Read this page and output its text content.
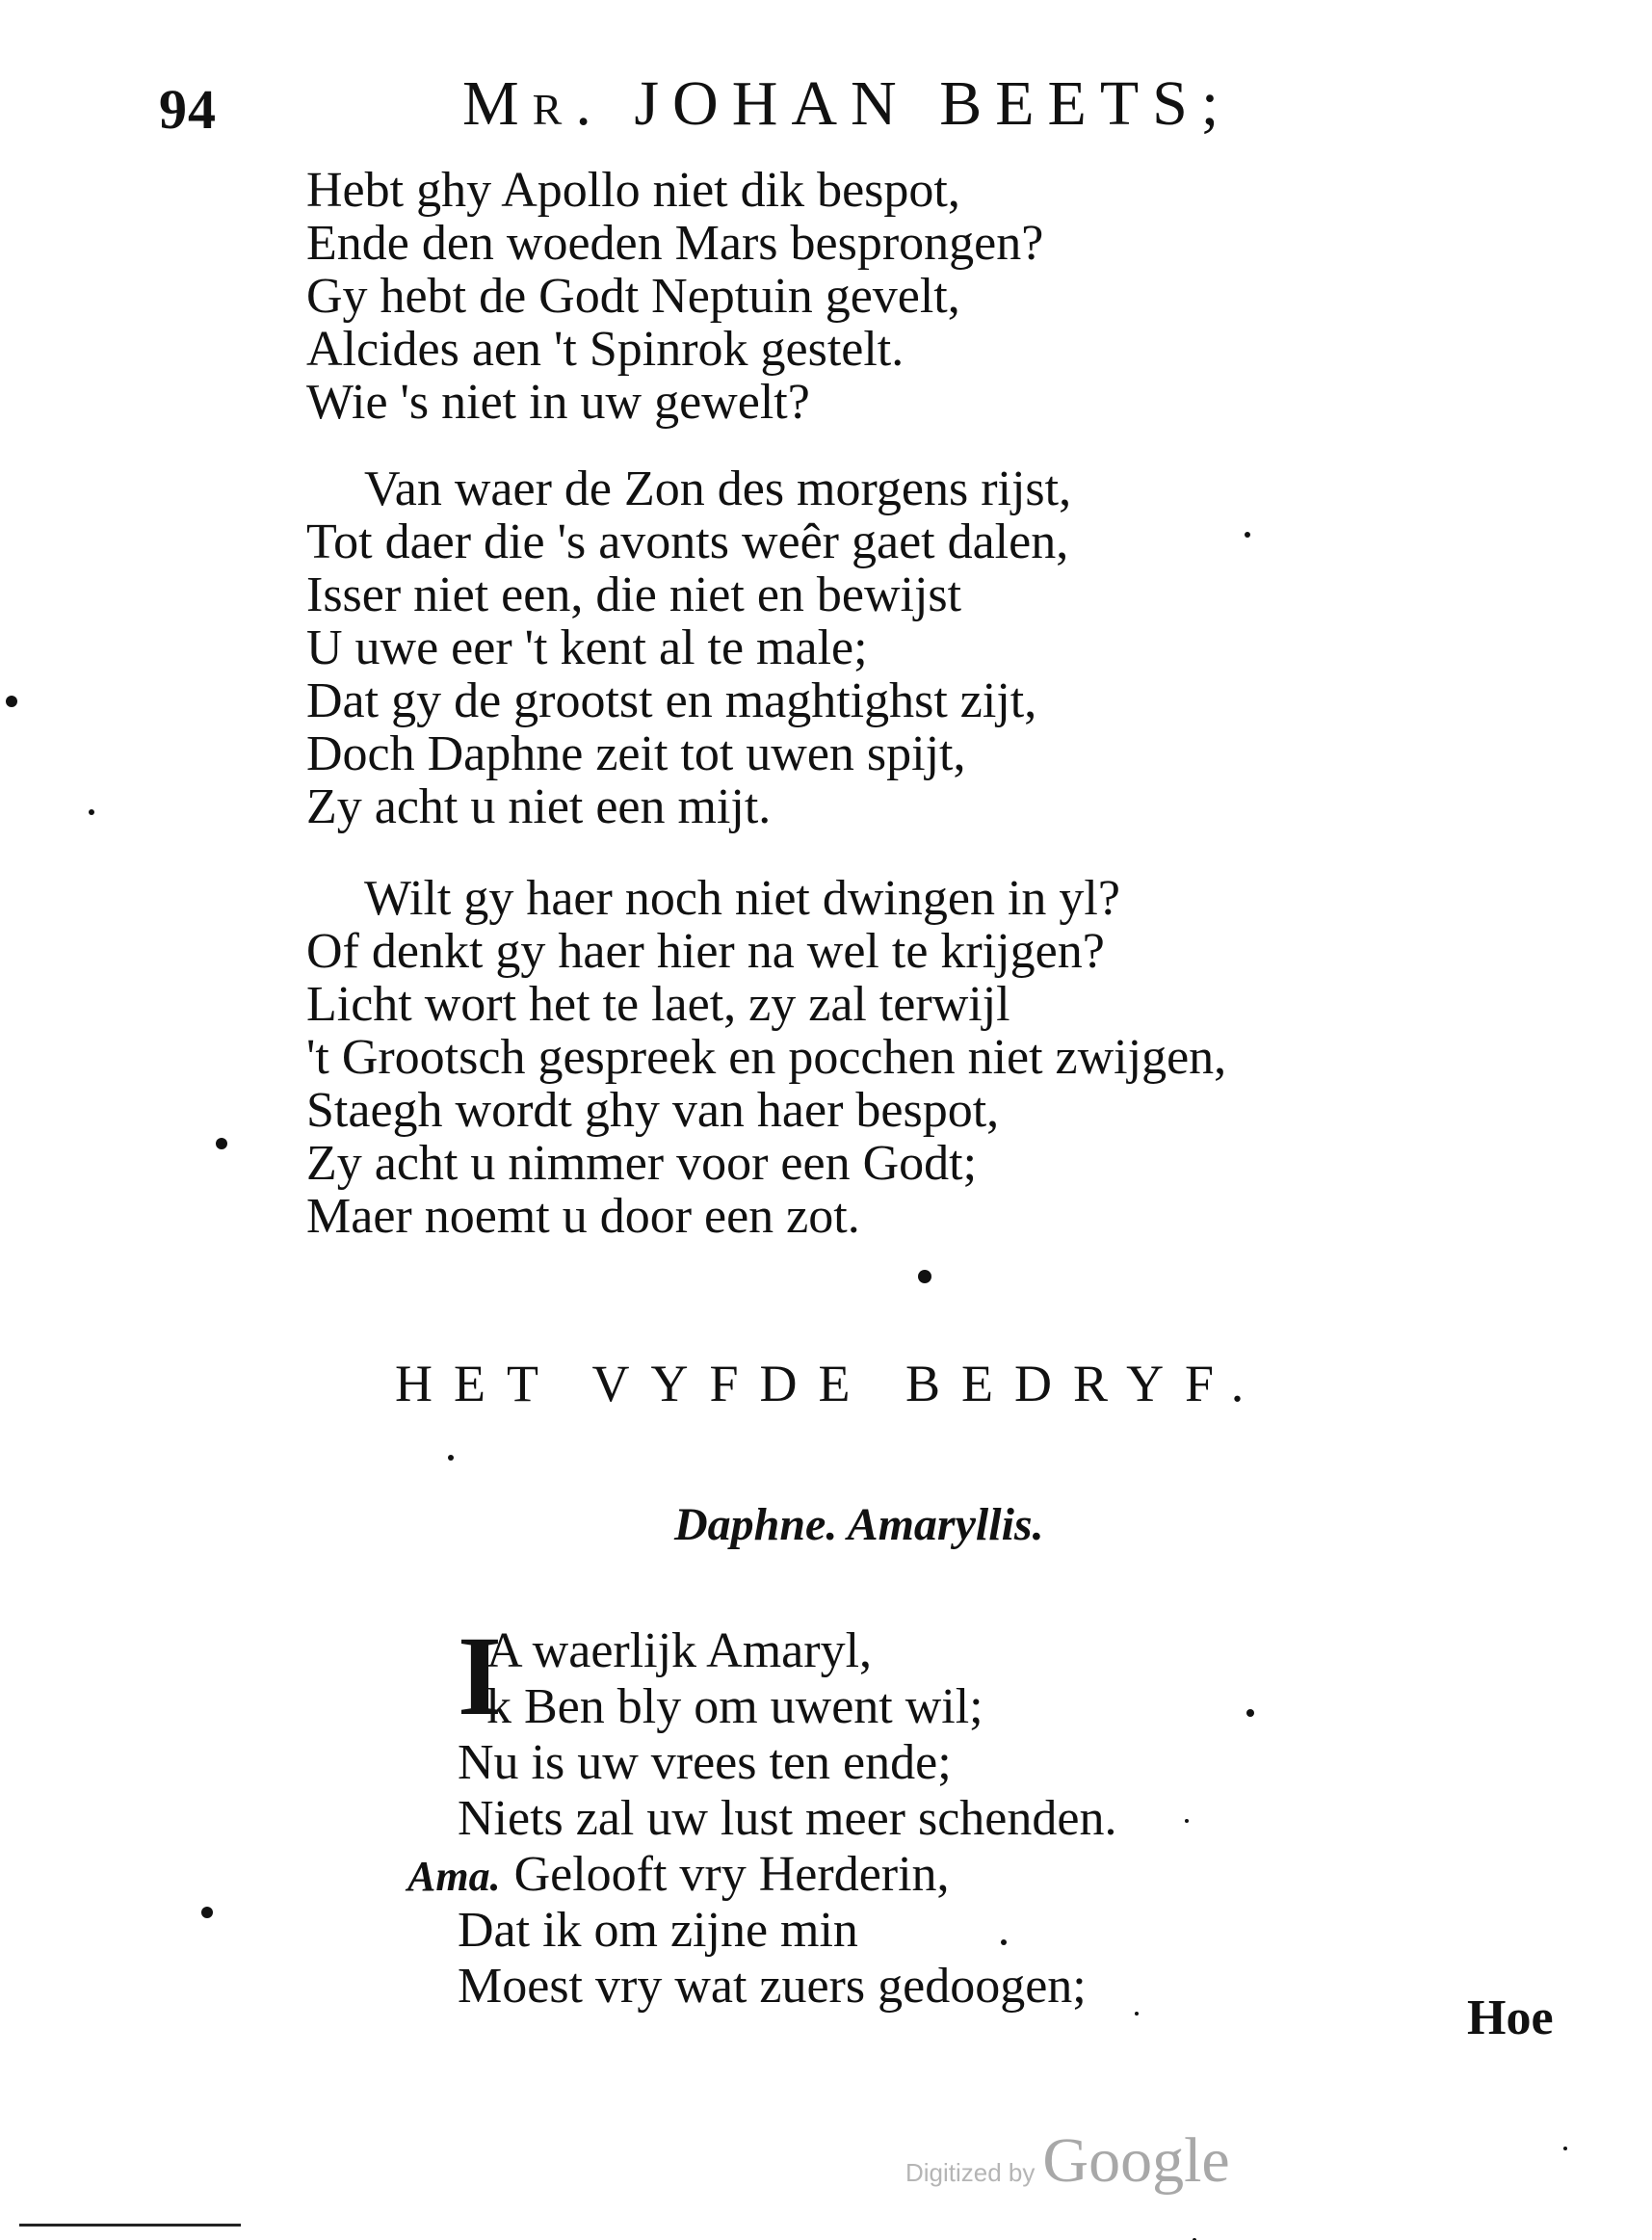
94	Mr. JOHAN BEETS;
Hebt ghy Apollo niet dik bespot,
Ende den woeden Mars besprongen?
Gy hebt de Godt Neptuin gevelt,
Alcides aen 't Spinrok gestelt.
Wie 's niet in uw gewelt?
Van waer de Zon des morgens rijst,
Tot daer die 's avonts weêr gaet dalen,
Isser niet een, die niet en bewijst
U uwe eer 't kent al te male;
Dat gy de grootst en maghtighst zijt,
Doch Daphne zeit tot uwen spijt,
Zy acht u niet een mijt.
Wilt gy haer noch niet dwingen in yl?
Of denkt gy haer hier na wel te krijgen?
Licht wort het te laet, zy zal terwijl
't Grootsch gespreek en pocchen niet zwijgen,
Staegh wordt ghy van haer bespot,
Zy acht u nimmer voor een Godt;
Maer noemt u door een zot.
HET VYFDE BEDRYF.
Daphne. Amaryllis.
I
A waerlijk Amaryl,
k Ben bly om uwent wil;
Nu is uw vrees ten ende;
Niets zal uw lust meer schenden.
Ama. Gelooft vry Herderin,

Dat ik om zijne min
Moest vry wat zuers gedoogen;
Hoe
Digitized by Google
